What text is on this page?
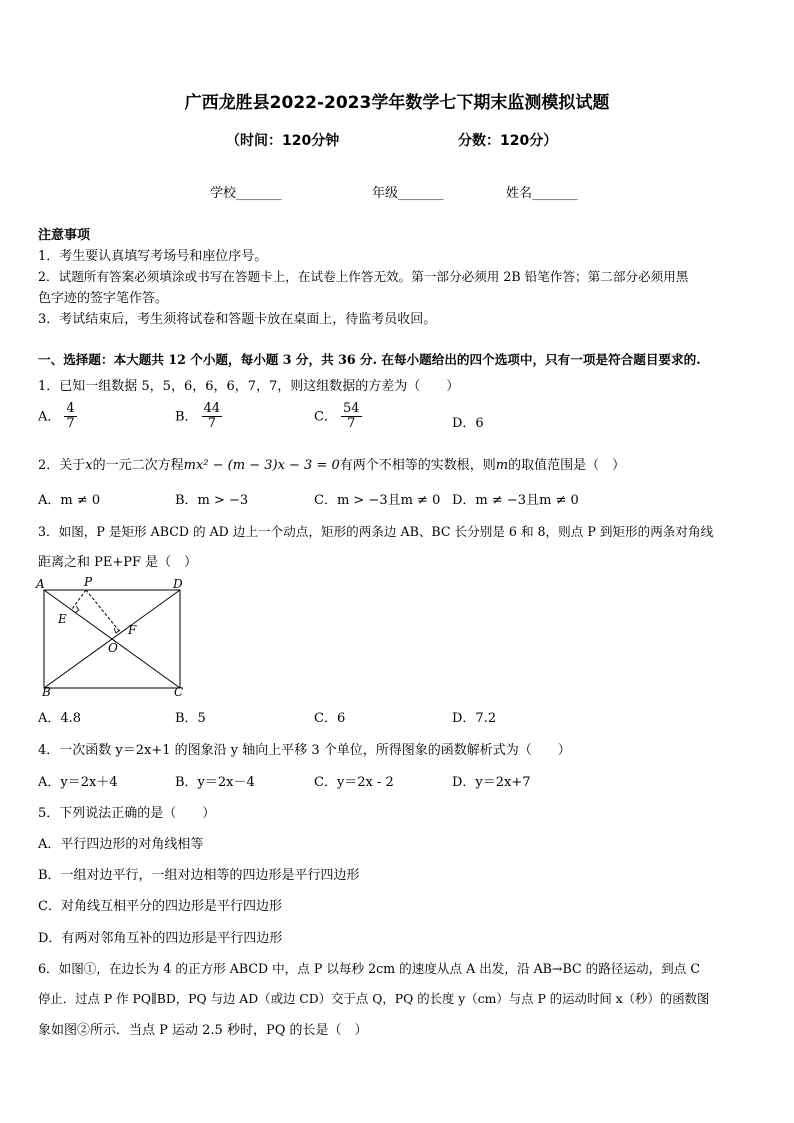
广西龙胜县2022-2023学年数学七下期末监测模拟试题
（时间：120分钟	分数：120分）
学校_______	年级_______	姓名_______
注意事项
1．考生要认真填写考场号和座位序号。
2．试题所有答案必须填涂或书写在答题卡上，在试卷上作答无效。第一部分必须用 2B 铅笔作答；第二部分必须用黑
色字迹的签字笔作答。
3．考试结束后，考生须将试卷和答题卡放在桌面上，待监考员收回。
一、选择题：本大题共 12 个小题，每小题 3 分，共 36 分. 在每小题给出的四个选项中，只有一项是符合题目要求的.
1．已知一组数据 5，5，6，6，6，7，7，则这组数据的方差为（　　）
A． $\frac{4}{7}$	B． $\frac{44}{7}$	C． $\frac{54}{7}$	D．6
2．关于x的一元二次方程mx² − (m − 3)x − 3 = 0有两个不相等的实数根，则m的取值范围是（　）
A．m ≠ 0	B．m > −3	C．m > −3且m ≠ 0 D．m ≠ −3且m ≠ 0
3．如图，P 是矩形 ABCD 的 AD 边上一个动点，矩形的两条边 AB、BC 长分别是 6 和 8，则点 P 到矩形的两条对角线
距离之和 PE+PF 是（　）
A	P	D
E
F
O
B	C
A．4.8	B．5	C．6	D．7.2
4．一次函数 y＝2x+1 的图象沿 y 轴向上平移 3 个单位，所得图象的函数解析式为（　　）
A．y＝2x＋4	B．y＝2x－4	C．y＝2x - 2	D．y＝2x+7
5．下列说法正确的是（　　）
A．平行四边形的对角线相等
B．一组对边平行，一组对边相等的四边形是平行四边形
C．对角线互相平分的四边形是平行四边形
D．有两对邻角互补的四边形是平行四边形
6．如图①，在边长为 4 的正方形 ABCD 中，点 P 以每秒 2cm 的速度从点 A 出发，沿 AB→BC 的路径运动，到点 C
停止．过点 P 作 PQ∥BD，PQ 与边 AD（或边 CD）交于点 Q，PQ 的长度 y（cm）与点 P 的运动时间 x（秒）的函数图
象如图②所示．当点 P 运动 2.5 秒时，PQ 的长是（　）
